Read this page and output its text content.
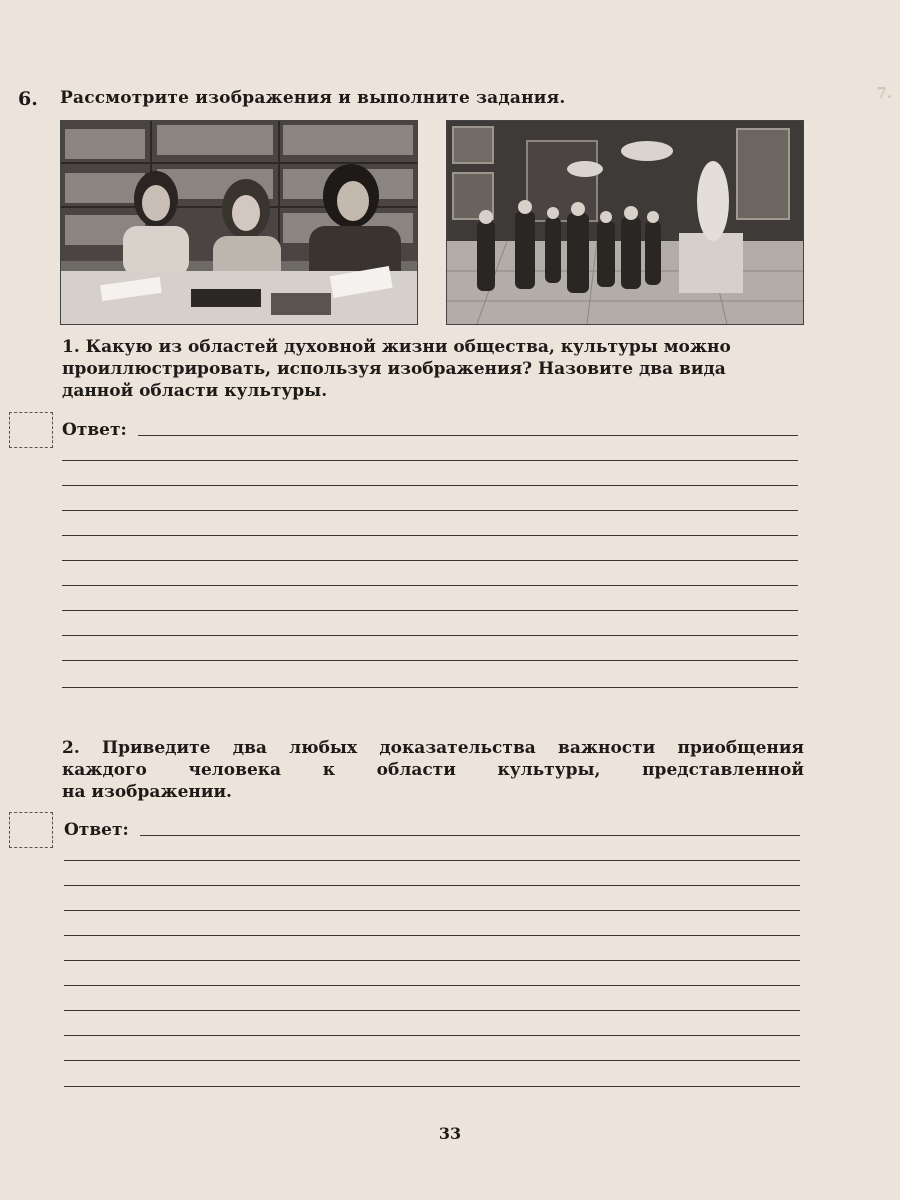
7.
6. Рассмотрите изображения и выполните задания.
1. Какую из областей духовной жизни общества, культуры можно
проиллюстрировать, используя изображения? Назовите два вида
данной области культуры.
Ответ:
2. Приведите два любых доказательства важности приобщения
каждого человека к области культуры, представленной
на изображении.
Ответ:
33
